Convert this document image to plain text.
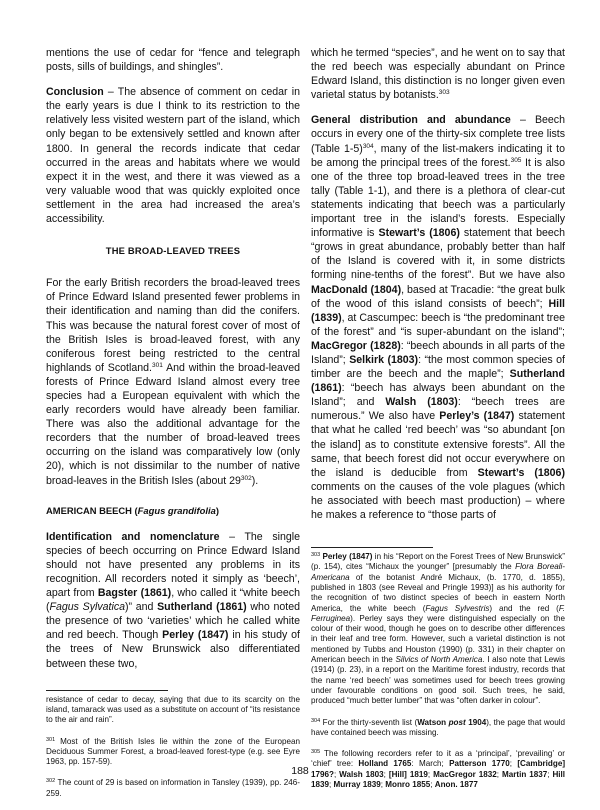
mentions the use of cedar for “fence and telegraph posts, sills of buildings, and shingles”.

Conclusion – The absence of comment on cedar in the early years is due I think to its restriction to the relatively less visited western part of the island, which only began to be extensively settled and known after 1800. In general the records indicate that cedar occurred in the areas and habitats where we would expect it in the west, and there it was viewed as a very valuable wood that was quickly exploited once settlement in the area had increased the area’s accessibility.

THE BROAD-LEAVED TREES

For the early British recorders the broad-leaved trees of Prince Edward Island presented fewer problems in their identification and naming than did the conifers. This was because the natural forest cover of most of the British Isles is broad-leaved forest, with any coniferous forest being restricted to the central highlands of Scotland.$^{301}$ And within the broad-leaved forests of Prince Edward Island almost every tree species had a European equivalent with which the early recorders would have already been familiar. There was also the additional advantage for the recorders that the number of broad-leaved trees occurring on the island was comparatively low (only 20), which is not dissimilar to the number of native broad-leaves in the British Isles (about $29^{302}$).

AMERICAN BEECH (Fagus grandifolia)

Identification and nomenclature – The single species of beech occurring on Prince Edward Island should not have presented any problems in its recognition. All recorders noted it simply as ‘beech’, apart from Bagster (1861), who called it “white beech (Fagus Sylvatica)” and Sutherland (1861) who noted the presence of two ‘varieties’ which he called white and red beech. Though Perley (1847) in his study of the trees of New Brunswick also differentiated between these two,

resistance of cedar to decay, saying that due to its scarcity on the island, tamarack was used as a substitute on account of “its resistance to the air and rain”.

$^{301}$ Most of the British Isles lie within the zone of the European Deciduous Summer Forest, a broad-leaved forest-type (e.g. see Eyre 1963, pp. 157-59).

$^{302}$ The count of 29 is based on information in Tansley (1939), pp. 246-259.

which he termed “species”, and he went on to say that the red beech was especially abundant on Prince Edward Island, this distinction is no longer given even varietal status by botanists.$^{303}$

General distribution and abundance – Beech occurs in every one of the thirty-six complete tree lists (Table 1-5)$^{304}$, many of the list-makers indicating it to be among the principal trees of the forest.$^{305}$ It is also one of the three top broad-leaved trees in the tree tally (Table 1-1), and there is a plethora of clear-cut statements indicating that beech was a particularly important tree in the island’s forests. Especially informative is Stewart’s (1806) statement that beech “grows in great abundance, probably better than half of the Island is covered with it, in some districts forming nine-tenths of the forest”. But we have also MacDonald (1804), based at Tracadie: “the great bulk of the wood of this island consists of beech”; Hill (1839), at Cascumpec: beech is “the predominant tree of the forest” and “is super-abundant on the island”; MacGregor (1828): “beech abounds in all parts of the Island”; Selkirk (1803): “the most common species of timber are the beech and the maple”; Sutherland (1861): “beech has always been abundant on the Island”; and Walsh (1803): “beech trees are numerous.” We also have Perley’s (1847) statement that what he called ‘red beech’ was “so abundant [on the island] as to constitute extensive forests”. All the same, that beech forest did not occur everywhere on the island is deducible from Stewart’s (1806) comments on the causes of the vole plagues (which he associated with beech mast production) – where he makes a reference to “those parts of

$^{303}$ Perley (1847) in his “Report on the Forest Trees of New Brunswick” (p. 154), cites “Michaux the younger” [presumably the Flora Boreali-Americana of the botanist André Michaux, (b. 1770, d. 1855), published in 1803 (see Reveal and Pringle 1993)] as his authority for the recognition of two distinct species of beech in eastern North America, the white beech (Fagus Sylvestris) and the red (F. Ferruginea). Perley says they were distinguished especially on the colour of their wood, though he goes on to describe other differences in their leaf and tree form. However, such a varietal distinction is not mentioned by Tubbs and Houston (1990) (p. 331) in their chapter on American beech in the Silvics of North America. I also note that Lewis (1914) (p. 23), in a report on the Maritime forest industry, records that the name ‘red beech’ was sometimes used for beech trees growing under favourable conditions on good soil. Such trees, he said, produced “much better lumber” that was “often darker in colour”.

$^{304}$ For the thirty-seventh list (Watson post 1904), the page that would have contained beech was missing.

$^{305}$ The following recorders refer to it as a ‘principal’, ‘prevailing’ or ‘chief’ tree: Holland 1765: March; Patterson 1770; [Cambridge] 1796?; Walsh 1803; [Hill] 1819; MacGregor 1832; Martin 1837; Hill 1839; Murray 1839; Monro 1855; Anon. 1877

188
